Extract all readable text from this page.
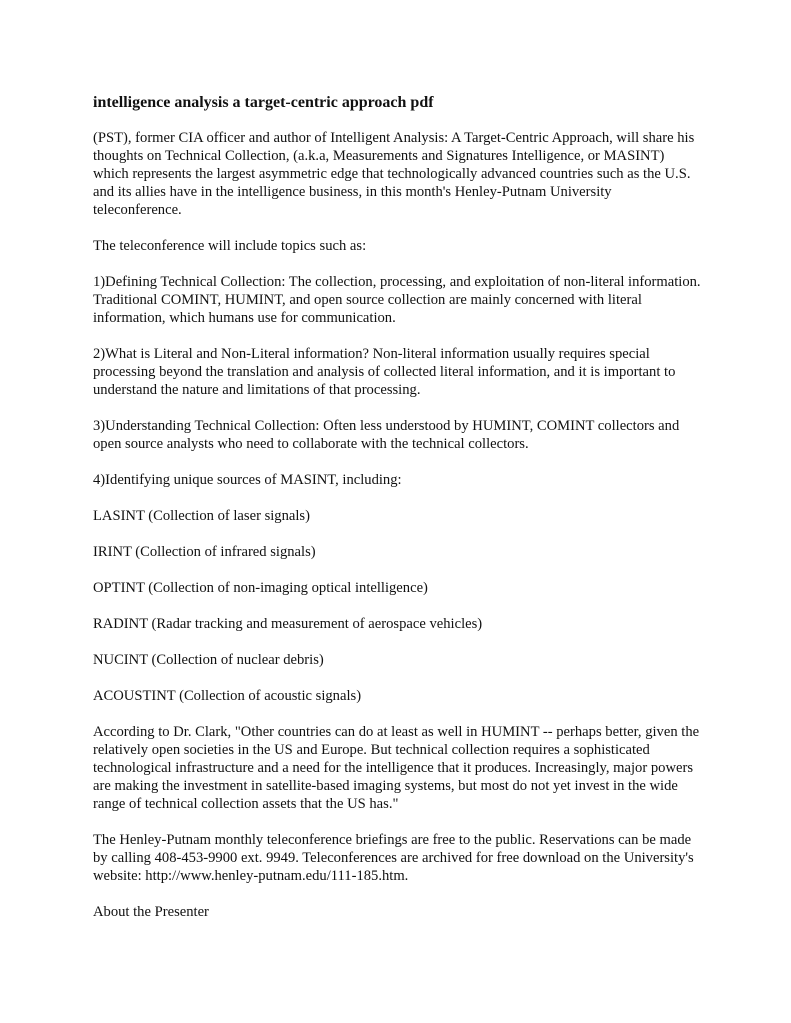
intelligence analysis a target-centric approach pdf

(PST), former CIA officer and author of Intelligent Analysis: A Target-Centric Approach, will share his thoughts on Technical Collection, (a.k.a, Measurements and Signatures Intelligence, or MASINT) which represents the largest asymmetric edge that technologically advanced countries such as the U.S. and its allies have in the intelligence business, in this month's Henley-Putnam University teleconference.

The teleconference will include topics such as:

1)Defining Technical Collection: The collection, processing, and exploitation of non-literal information. Traditional COMINT, HUMINT, and open source collection are mainly concerned with literal information, which humans use for communication.

2)What is Literal and Non-Literal information? Non-literal information usually requires special processing beyond the translation and analysis of collected literal information, and it is important to understand the nature and limitations of that processing.

3)Understanding Technical Collection: Often less understood by HUMINT, COMINT collectors and open source analysts who need to collaborate with the technical collectors.

4)Identifying unique sources of MASINT, including:

LASINT (Collection of laser signals)

IRINT (Collection of infrared signals)

OPTINT (Collection of non-imaging optical intelligence)

RADINT (Radar tracking and measurement of aerospace vehicles)

NUCINT (Collection of nuclear debris)

ACOUSTINT (Collection of acoustic signals)

According to Dr. Clark, "Other countries can do at least as well in HUMINT -- perhaps better, given the relatively open societies in the US and Europe. But technical collection requires a sophisticated technological infrastructure and a need for the intelligence that it produces. Increasingly, major powers are making the investment in satellite-based imaging systems, but most do not yet invest in the wide range of technical collection assets that the US has."

The Henley-Putnam monthly teleconference briefings are free to the public. Reservations can be made by calling 408-453-9900 ext. 9949. Teleconferences are archived for free download on the University's website: http://www.henley-putnam.edu/111-185.htm.

About the Presenter
